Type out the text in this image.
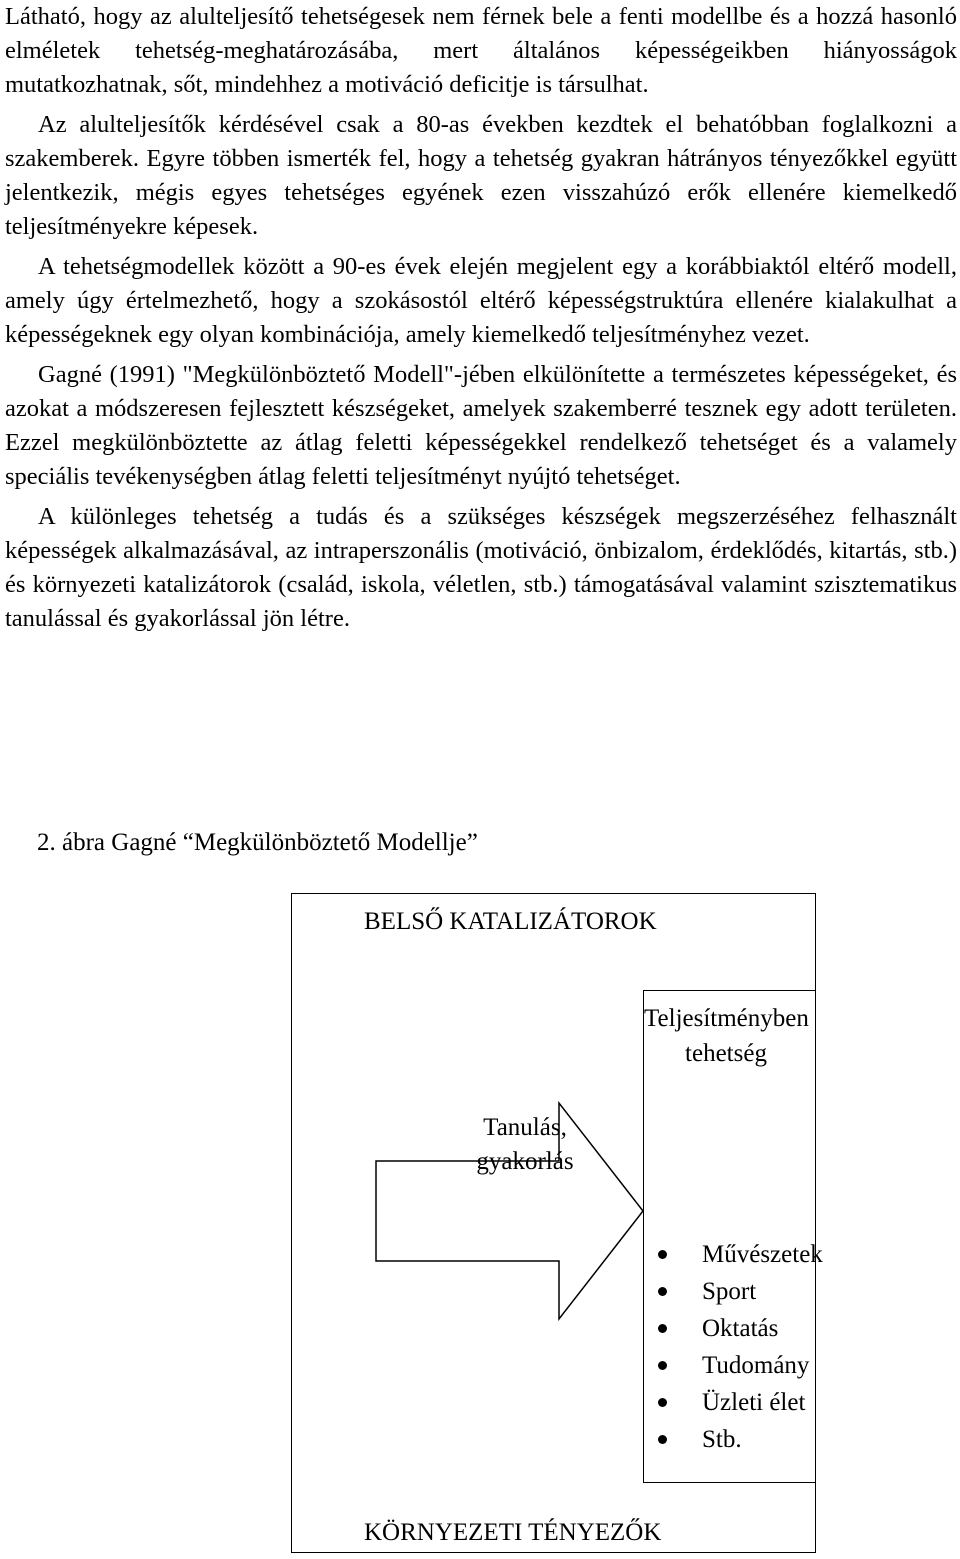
Látható, hogy az alulteljesítő tehetségesek nem férnek bele a fenti modellbe és a hozzá hasonló elméletek tehetség-meghatározásába, mert általános képességeikben hiányosságok mutatkozhatnak, sőt, mindehhez a motiváció deficitje is társulhat.

Az alulteljesítők kérdésével csak a 80-as években kezdtek el behatóbban foglalkozni a szakemberek. Egyre többen ismerték fel, hogy a tehetség gyakran hátrányos tényezőkkel együtt jelentkezik, mégis egyes tehetséges egyének ezen visszahúzó erők ellenére kiemelkedő teljesítményekre képesek.

A tehetségmodellek között a 90-es évek elején megjelent egy a korábbiaktól eltérő modell, amely úgy értelmezhető, hogy a szokásostól eltérő képességstruktúra ellenére kialakulhat a képességeknek egy olyan kombinációja, amely kiemelkedő teljesítményhez vezet.

Gagné (1991) "Megkülönböztető Modell"-jében elkülönítette a természetes képességeket, és azokat a módszeresen fejlesztett készségeket, amelyek szakemberré tesznek egy adott területen. Ezzel megkülönböztette az átlag feletti képességekkel rendelkező tehetséget és a valamely speciális tevékenységben átlag feletti teljesítményt nyújtó tehetséget.

A különleges tehetség a tudás és a szükséges készségek megszerzéséhez felhasznált képességek alkalmazásával, az intraperszonális (motiváció, önbizalom, érdeklődés, kitartás, stb.) és környezeti katalizátorok (család, iskola, véletlen, stb.) támogatásával valamint szisztematikus tanulással és gyakorlással jön létre.

2. ábra Gagné “Megkülönböztető Modellje”
BELSŐ KATALIZÁTOROK
Tanulás,
gyakorlás
Teljesítményben
tehetség
Művészetek
Sport
Oktatás
Tudomány
Üzleti élet
Stb.
KÖRNYEZETI TÉNYEZŐK
